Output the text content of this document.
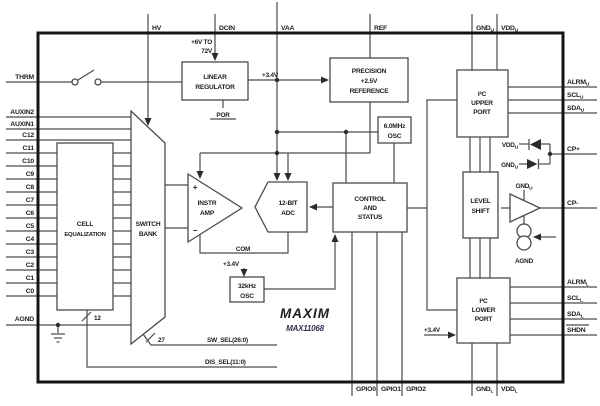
HV	DCIN	VAA	REF	$GND_U$ $VDD_U$
THRM
AUXIN2
AUXIN1
C12
C11
C10
C9
C8
C7
C6
C5
C4
C3
C2
C1
C0
AGND
$ALRM_U$
$SCL_U$
$SDA_U$
CP+
CP-
$ALRM_L$
$SCL_L$
$SDA_L$
SHDN
GPIO0 GPIO1 GPIO2	$GND_L$ $VDD_L$
LINEAR
REGULATOR
PRECISION
+2.5V
REFERENCE
6.0MHz
OSC
CONTROL
AND
STATUS
CELL
EQUALIZATION
SWITCH
BANK
INSTR
AMP
12-BIT
ADC
32kHz
OSC
I²C
UPPER
PORT
LEVEL
SHIFT
I²C
LOWER
PORT
+6V TO
72V
+3.4V
POR
COM
+3.4V
+3.4V
SW_SEL(26:0)
DIS_SEL(11:0)
27
12
+
−
$VDD_U$
$GND_U$
$GND_U$
AGND
MAXIM
MAX11068
